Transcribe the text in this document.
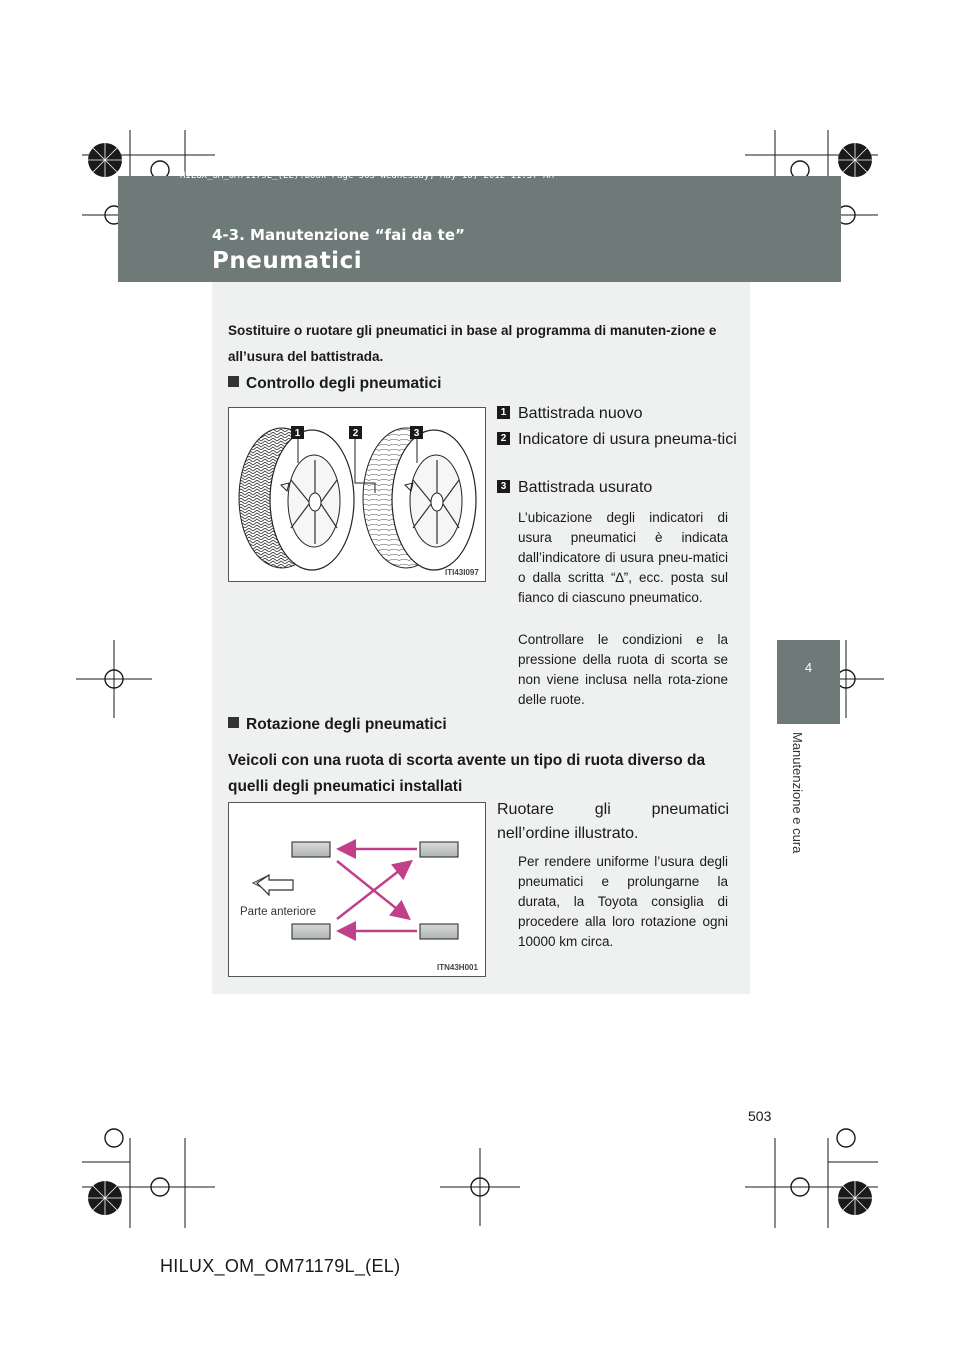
HILUX_OM_OM71179L_(EL).book Page 503 Wednesday, May 16, 2012 11:37 AM
4-3. Manutenzione “fai da te”
Pneumatici
4
Manutenzione e cura
Sostituire o ruotare gli pneumatici in base al programma di manuten-zione e all’usura del battistrada.
Controllo degli pneumatici
1	2	3
ITI43I097
1 Battistrada nuovo
2 Indicatore di usura pneuma-tici
3 Battistrada usurato
L’ubicazione degli indicatori di usura pneumatici è indicata dall’indicatore di usura pneu-matici o dalla scritta “∆”, ecc. posta sul fianco di ciascuno pneumatico.
Controllare le condizioni e la pressione della ruota di scorta se non viene inclusa nella rota-zione delle ruote.
Rotazione degli pneumatici
Veicoli con una ruota di scorta avente un tipo di ruota diverso da quelli degli pneumatici installati
Parte anteriore
ITN43H001
Ruotare gli pneumatici nell’ordine illustrato.
Per rendere uniforme l’usura degli pneumatici e prolungarne la durata, la Toyota consiglia di procedere alla loro rotazione ogni 10000 km circa.
503
HILUX_OM_OM71179L_(EL)
